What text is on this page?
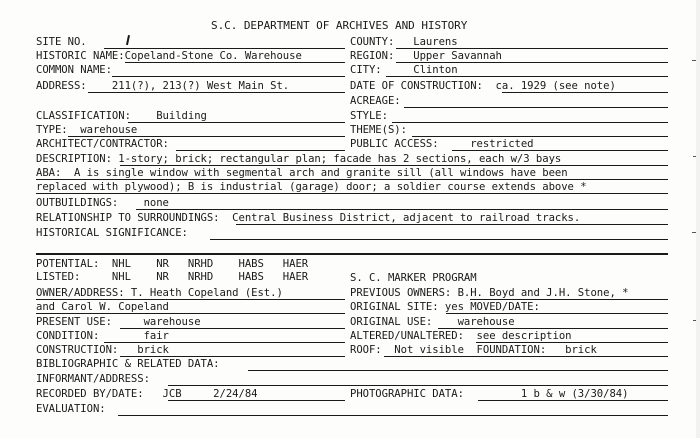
S.C. DEPARTMENT OF ARCHIVES AND HISTORY
SITE NO.
HISTORIC NAME:Copeland-Stone Co. Warehouse
COMMON NAME:
ADDRESS:    211(?), 213(?) West Main St.
CLASSIFICATION:    Building
TYPE:  warehouse
ARCHITECT/CONTRACTOR:
COUNTY:   Laurens
REGION:   Upper Savannah
CITY:     Clinton
DATE OF CONSTRUCTION:  ca. 1929 (see note)
ACREAGE:
STYLE:
THEME(S):
PUBLIC ACCESS:     restricted
DESCRIPTION: 1-story; brick; rectangular plan; facade has 2 sections, each w/3 bays
ABA:  A is single window with segmental arch and granite sill (all windows have been
replaced with plywood); B is industrial (garage) door; a soldier course extends above *
OUTBUILDINGS:    none
RELATIONSHIP TO SURROUNDINGS:  Central Business District, adjacent to railroad tracks.
HISTORICAL SIGNIFICANCE:
POTENTIAL:  NHL    NR   NRHD    HABS   HAER
LISTED:     NHL    NR   NRHD    HABS   HAER
OWNER/ADDRESS: T. Heath Copeland (Est.)
and Carol W. Copeland
PRESENT USE:     warehouse
CONDITION:       fair
CONSTRUCTION:   brick
BIBLIOGRAPHIC & RELATED DATA:
INFORMANT/ADDRESS:
RECORDED BY/DATE:   JCB     2/24/84
EVALUATION:
S. C. MARKER PROGRAM
PREVIOUS OWNERS: B.H. Boyd and J.H. Stone, *
ORIGINAL SITE: yes MOVED/DATE:
ORIGINAL USE:    warehouse
ALTERED/UNALTERED:  see description
ROOF:  Not visible  FOUNDATION:   brick
PHOTOGRAPHIC DATA:         1 b & w (3/30/84)
